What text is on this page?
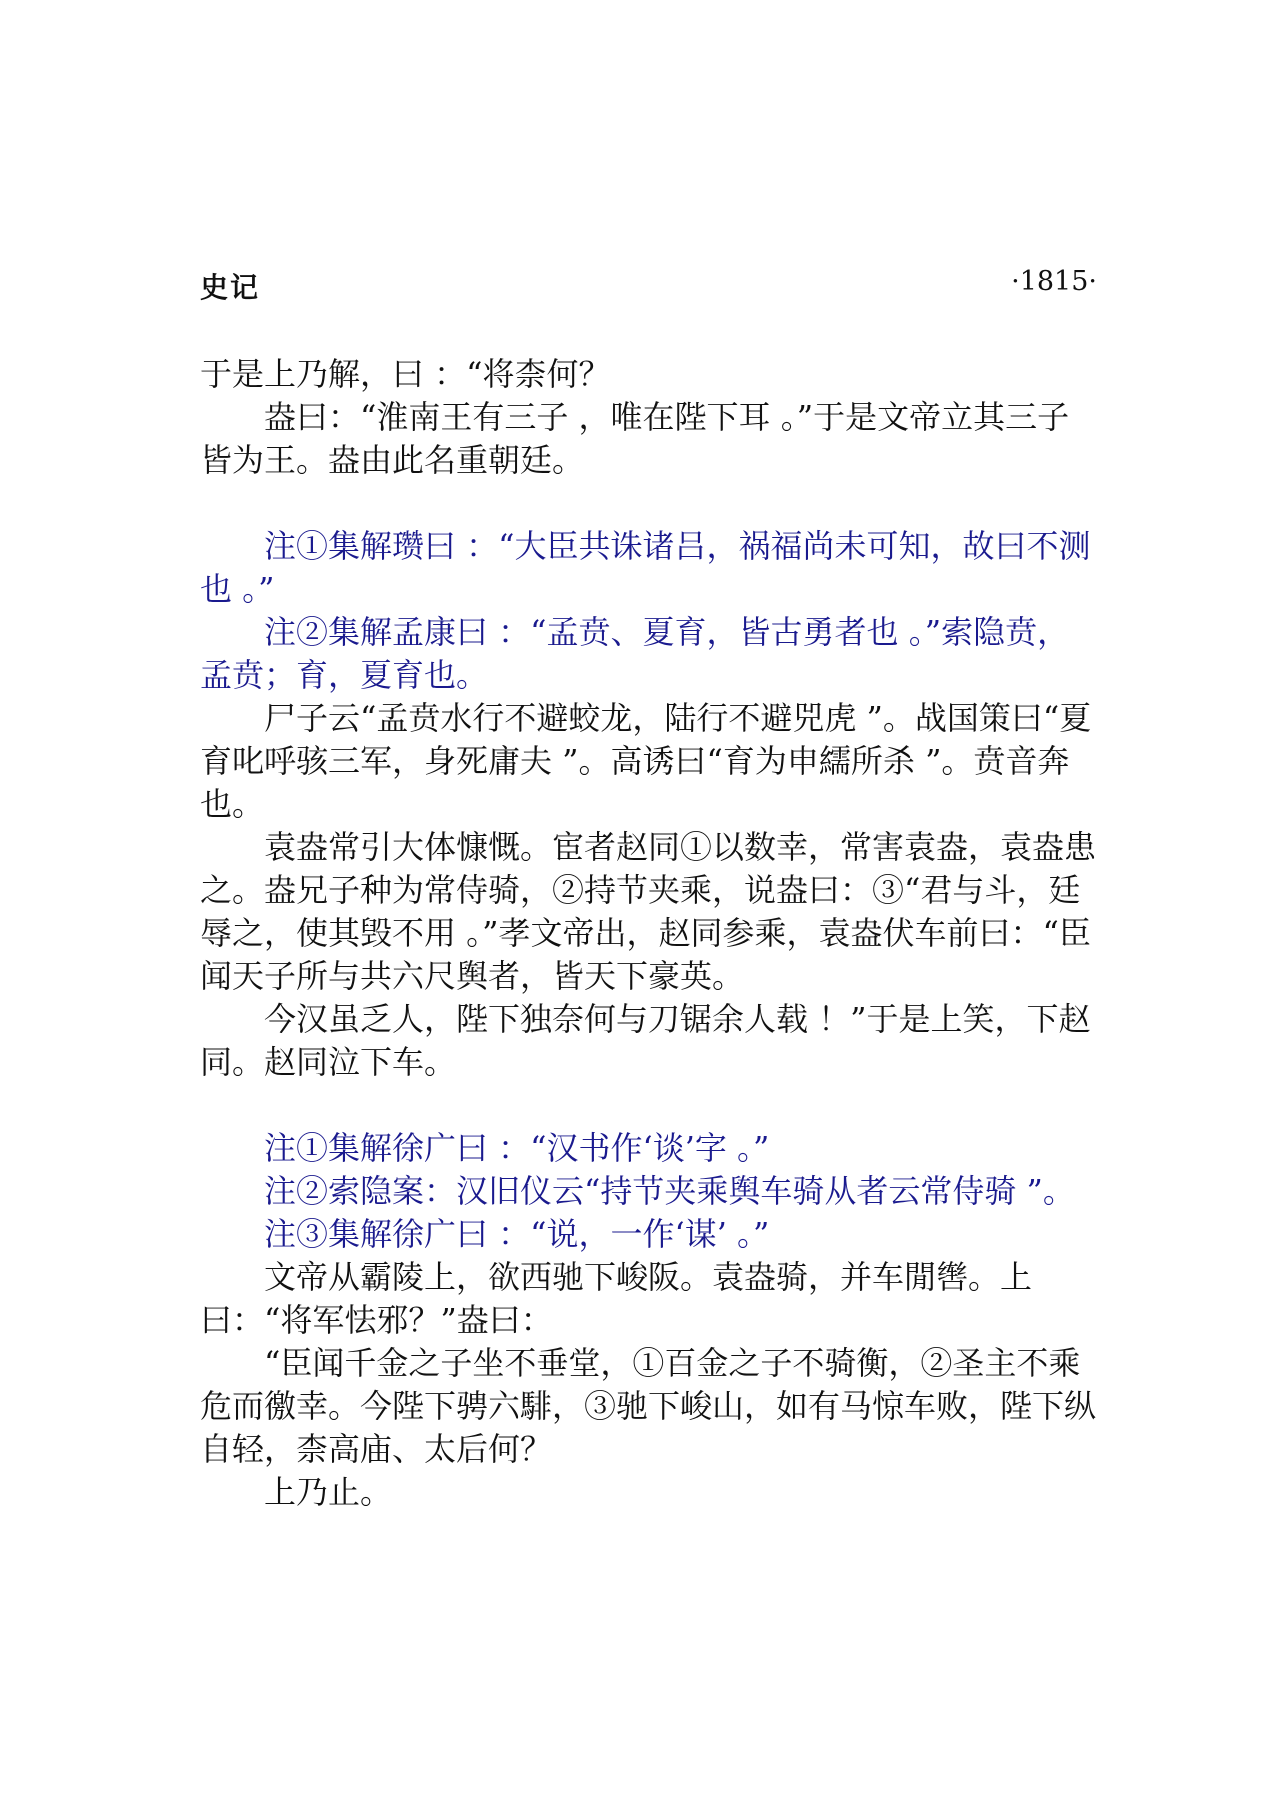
史记	·1815·

于是上乃解，曰 ：“将柰何？

盎曰：“淮南王有三子 ，唯在陛下耳 。”于是文帝立其三子皆为王。盎由此名重朝廷。

注①集解瓒曰 ：“大臣共诛诸吕，祸福尚未可知，故曰不测也 。”

注②集解孟康曰 ：“孟贲、夏育，皆古勇者也 。”索隐贲，孟贲；育，夏育也。

尸子云“孟贲水行不避蛟龙，陆行不避兕虎 ”。战国策曰“夏育叱呼骇三军，身死庸夫 ”。高诱曰“育为申繻所杀 ”。贲音奔也。

袁盎常引大体慷慨。宦者赵同①以数幸，常害袁盎，袁盎患之。盎兄子种为常侍骑，②持节夹乘，说盎曰：③“君与斗，廷辱之，使其毁不用 。”孝文帝出，赵同参乘，袁盎伏车前曰：“臣闻天子所与共六尺舆者，皆天下豪英。

今汉虽乏人，陛下独奈何与刀锯余人载 ！”于是上笑，下赵同。赵同泣下车。

注①集解徐广曰 ：“汉书作‘谈’字 。”

注②索隐案：汉旧仪云“持节夹乘舆车骑从者云常侍骑 ”。

注③集解徐广曰 ：“说，一作‘谋’ 。”

文帝从霸陵上，欲西驰下峻阪。袁盎骑，并车閒辔。上曰：“将军怯邪？”盎曰：

“臣闻千金之子坐不垂堂，①百金之子不骑衡，②圣主不乘危而徼幸。今陛下骋六騑，③驰下峻山，如有马惊车败，陛下纵自轻，柰高庙、太后何？

上乃止。
